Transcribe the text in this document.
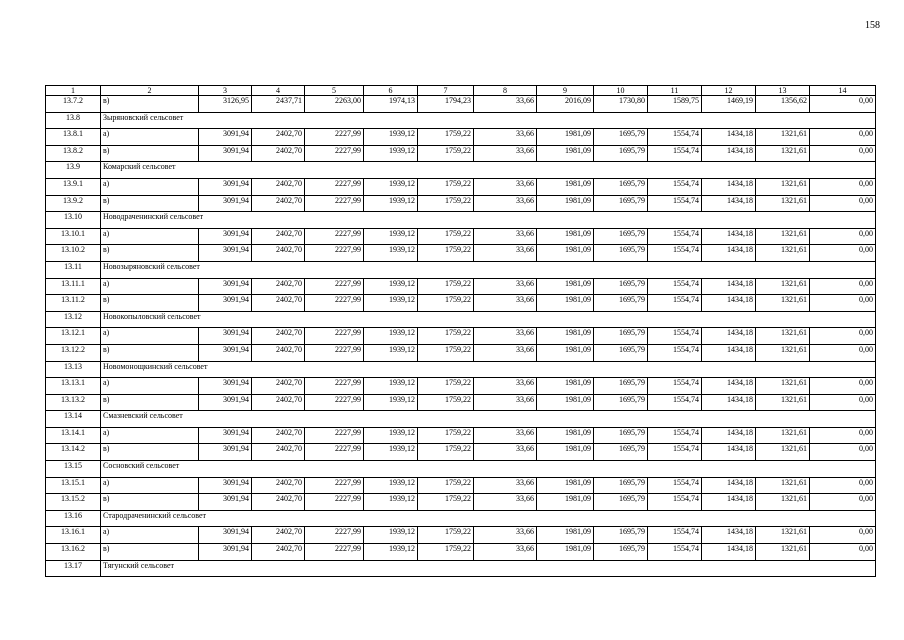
158
1	2	3	4	5	6	7	8	9	10	11	12	13	14
13.7.2	в)	3126,95	2437,71	2263,00	1974,13	1794,23	33,66	2016,09	1730,80	1589,75	1469,19	1356,62	0,00
13.8	Зыряновский сельсовет												
13.8.1	а)	3091,94	2402,70	2227,99	1939,12	1759,22	33,66	1981,09	1695,79	1554,74	1434,18	1321,61	0,00
13.8.2	в)	3091,94	2402,70	2227,99	1939,12	1759,22	33,66	1981,09	1695,79	1554,74	1434,18	1321,61	0,00
13.9	Комарский сельсовет												
13.9.1	а)	3091,94	2402,70	2227,99	1939,12	1759,22	33,66	1981,09	1695,79	1554,74	1434,18	1321,61	0,00
13.9.2	в)	3091,94	2402,70	2227,99	1939,12	1759,22	33,66	1981,09	1695,79	1554,74	1434,18	1321,61	0,00
13.10	Новодраченинский сельсовет												
13.10.1	а)	3091,94	2402,70	2227,99	1939,12	1759,22	33,66	1981,09	1695,79	1554,74	1434,18	1321,61	0,00
13.10.2	в)	3091,94	2402,70	2227,99	1939,12	1759,22	33,66	1981,09	1695,79	1554,74	1434,18	1321,61	0,00
13.11	Новозыряновский сельсовет												
13.11.1	а)	3091,94	2402,70	2227,99	1939,12	1759,22	33,66	1981,09	1695,79	1554,74	1434,18	1321,61	0,00
13.11.2	в)	3091,94	2402,70	2227,99	1939,12	1759,22	33,66	1981,09	1695,79	1554,74	1434,18	1321,61	0,00
13.12	Новокопыловский сельсовет												
13.12.1	а)	3091,94	2402,70	2227,99	1939,12	1759,22	33,66	1981,09	1695,79	1554,74	1434,18	1321,61	0,00
13.12.2	в)	3091,94	2402,70	2227,99	1939,12	1759,22	33,66	1981,09	1695,79	1554,74	1434,18	1321,61	0,00
13.13	Новомонощкинский сельсовет												
13.13.1	а)	3091,94	2402,70	2227,99	1939,12	1759,22	33,66	1981,09	1695,79	1554,74	1434,18	1321,61	0,00
13.13.2	в)	3091,94	2402,70	2227,99	1939,12	1759,22	33,66	1981,09	1695,79	1554,74	1434,18	1321,61	0,00
13.14	Смазневский сельсовет												
13.14.1	а)	3091,94	2402,70	2227,99	1939,12	1759,22	33,66	1981,09	1695,79	1554,74	1434,18	1321,61	0,00
13.14.2	в)	3091,94	2402,70	2227,99	1939,12	1759,22	33,66	1981,09	1695,79	1554,74	1434,18	1321,61	0,00
13.15	Сосновский сельсовет												
13.15.1	а)	3091,94	2402,70	2227,99	1939,12	1759,22	33,66	1981,09	1695,79	1554,74	1434,18	1321,61	0,00
13.15.2	в)	3091,94	2402,70	2227,99	1939,12	1759,22	33,66	1981,09	1695,79	1554,74	1434,18	1321,61	0,00
13.16	Стародраченинский сельсовет												
13.16.1	а)	3091,94	2402,70	2227,99	1939,12	1759,22	33,66	1981,09	1695,79	1554,74	1434,18	1321,61	0,00
13.16.2	в)	3091,94	2402,70	2227,99	1939,12	1759,22	33,66	1981,09	1695,79	1554,74	1434,18	1321,61	0,00
13.17	Тягунский сельсовет												
